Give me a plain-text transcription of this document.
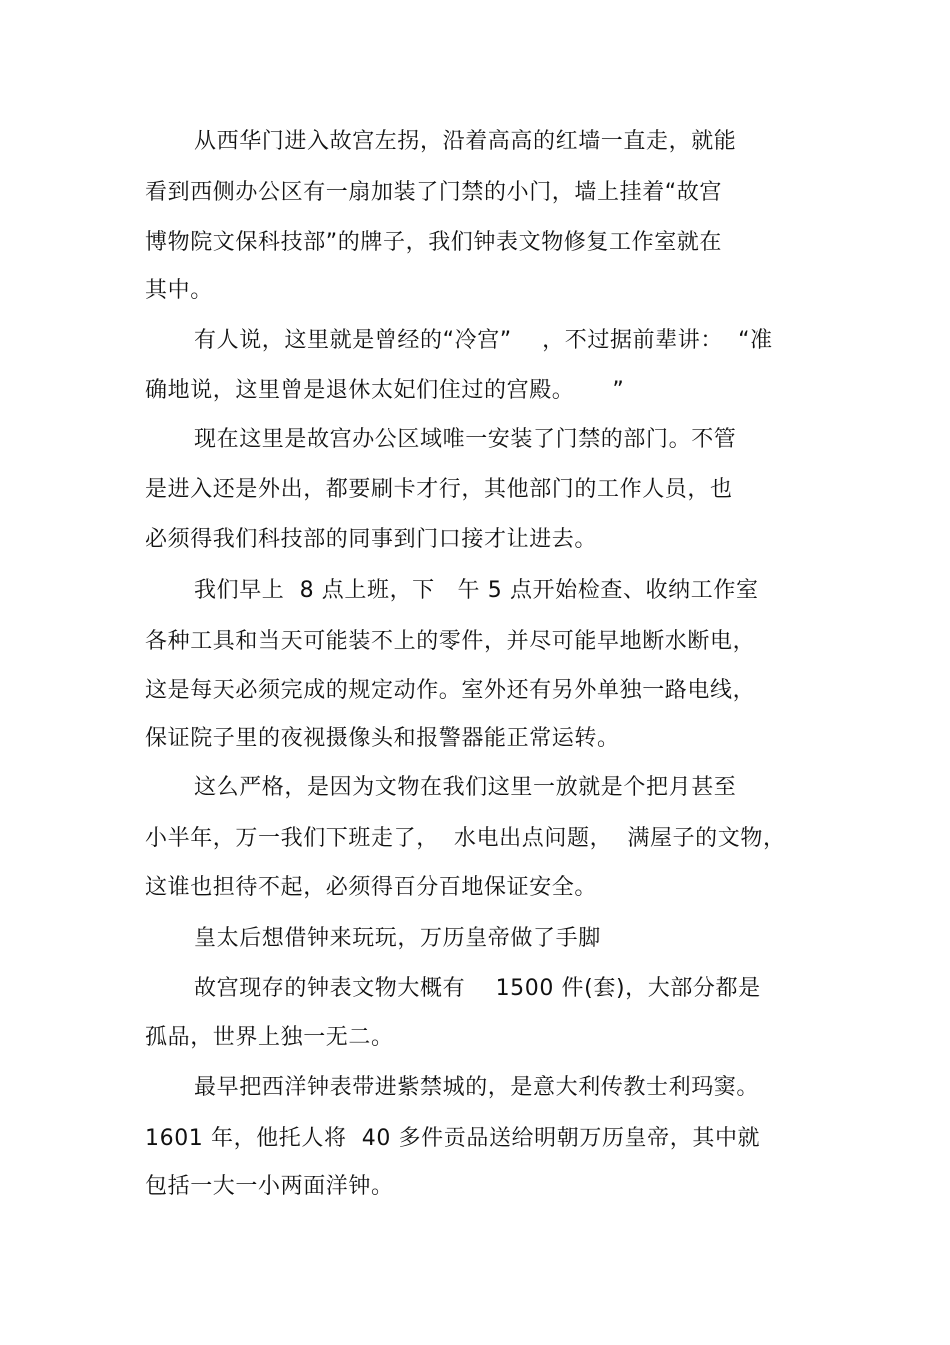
从西华门进入故宫左拐，沿着高高的红墙一直走，就能
看到西侧办公区有一扇加装了门禁的小门，墙上挂着“故宫
博物院文保科技部”的牌子，我们钟表文物修复工作室就在
其中。
有人说，这里就是曾经的“冷宫”    ，不过据前辈讲：  “准
确地说，这里曾是退休太妃们住过的宫殿。     ”
现在这里是故宫办公区域唯一安装了门禁的部门。不管
是进入还是外出，都要刷卡才行，其他部门的工作人员，也
必须得我们科技部的同事到门口接才让进去。
我们早上  8 点上班，下   午 5 点开始检查、收纳工作室
各种工具和当天可能装不上的零件，并尽可能早地断水断电，
这是每天必须完成的规定动作。室外还有另外单独一路电线，
保证院子里的夜视摄像头和报警器能正常运转。
这么严格，是因为文物在我们这里一放就是个把月甚至
小半年，万一我们下班走了，  水电出点问题，  满屋子的文物，
这谁也担待不起，必须得百分百地保证安全。
皇太后想借钟来玩玩，万历皇帝做了手脚
故宫现存的钟表文物大概有    1500 件(套)，大部分都是
孤品，世界上独一无二。
最早把西洋钟表带进紫禁城的，是意大利传教士利玛窦。
1601 年，他托人将  40 多件贡品送给明朝万历皇帝，其中就
包括一大一小两面洋钟。
